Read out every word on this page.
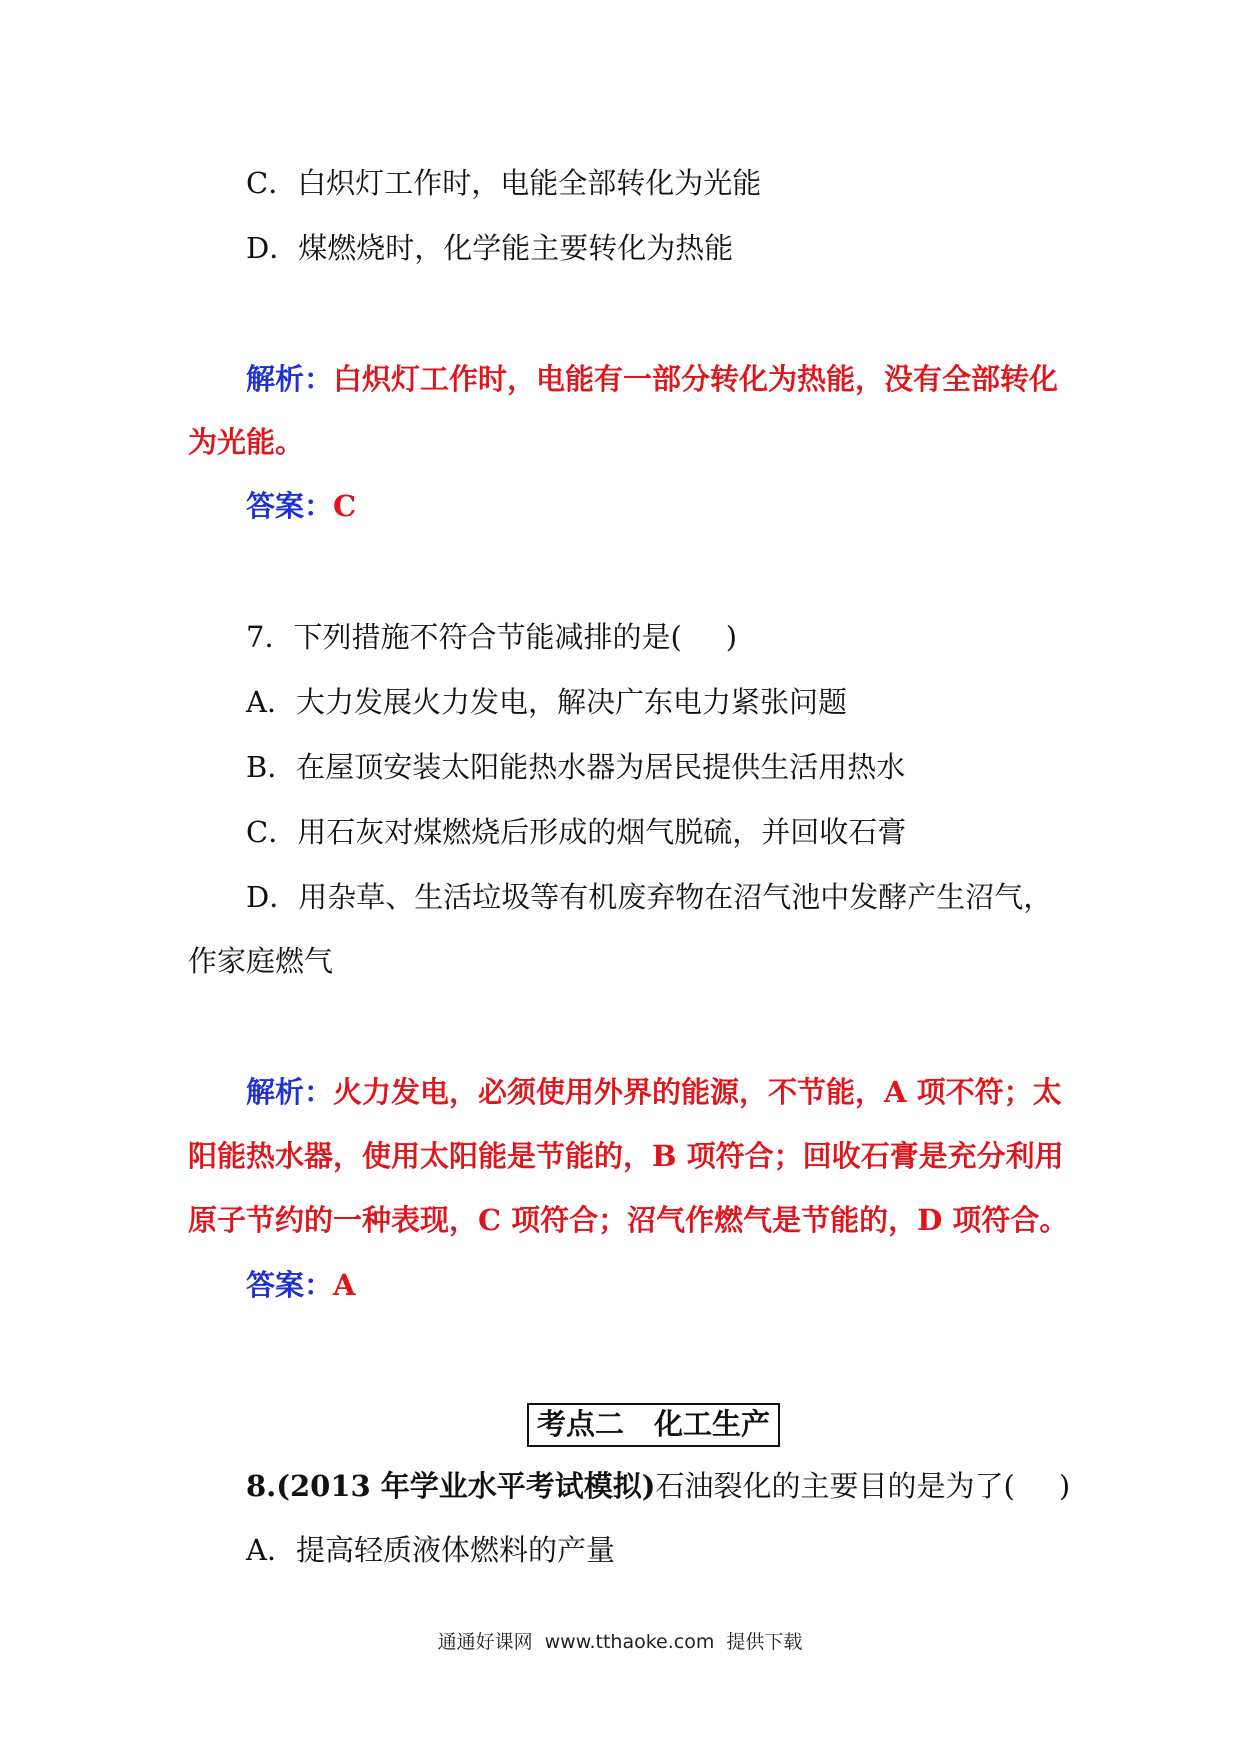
C．白炽灯工作时，电能全部转化为光能
D．煤燃烧时，化学能主要转化为热能
解析：白炽灯工作时，电能有一部分转化为热能，没有全部转化
为光能。
答案：C
7．下列措施不符合节能减排的是( )
A．大力发展火力发电，解决广东电力紧张问题
B．在屋顶安装太阳能热水器为居民提供生活用热水
C．用石灰对煤燃烧后形成的烟气脱硫，并回收石膏
D．用杂草、生活垃圾等有机废弃物在沼气池中发酵产生沼气，
作家庭燃气
解析：火力发电，必须使用外界的能源，不节能，A 项不符；太
阳能热水器，使用太阳能是节能的，B 项符合；回收石膏是充分利用
原子节约的一种表现，C 项符合；沼气作燃气是节能的，D 项符合。
答案：A
考点二 化工生产
8.(2013 年学业水平考试模拟)石油裂化的主要目的是为了( )
A．提高轻质液体燃料的产量
通通好课网 www.tthaoke.com 提供下载
